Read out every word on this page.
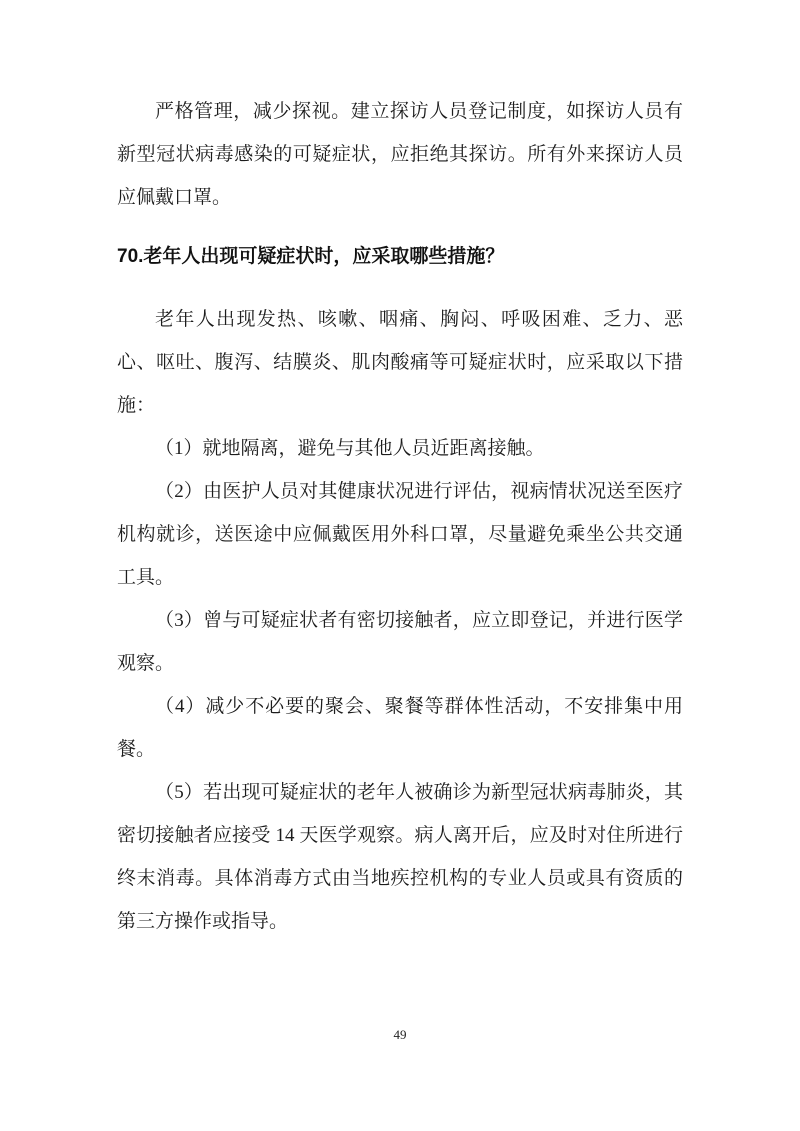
严格管理，减少探视。建立探访人员登记制度，如探访人员有新型冠状病毒感染的可疑症状，应拒绝其探访。所有外来探访人员应佩戴口罩。

70.老年人出现可疑症状时，应采取哪些措施？

老年人出现发热、咳嗽、咽痛、胸闷、呼吸困难、乏力、恶心、呕吐、腹泻、结膜炎、肌肉酸痛等可疑症状时，应采取以下措施：

（1）就地隔离，避免与其他人员近距离接触。

（2）由医护人员对其健康状况进行评估，视病情状况送至医疗机构就诊，送医途中应佩戴医用外科口罩，尽量避免乘坐公共交通工具。

（3）曾与可疑症状者有密切接触者，应立即登记，并进行医学观察。

（4）减少不必要的聚会、聚餐等群体性活动，不安排集中用餐。

（5）若出现可疑症状的老年人被确诊为新型冠状病毒肺炎，其密切接触者应接受 14 天医学观察。病人离开后，应及时对住所进行终末消毒。具体消毒方式由当地疾控机构的专业人员或具有资质的第三方操作或指导。

49
